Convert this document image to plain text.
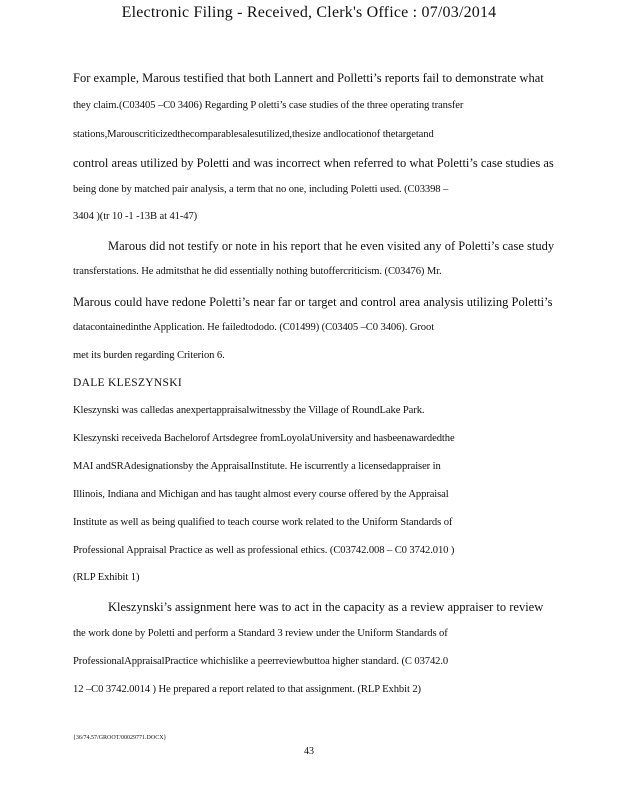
Electronic Filing - Received, Clerk's Office : 07/03/2014
For example, Marous testified that both Lannert and Polletti’s reports fail to demonstrate what
they claim.(C03405 –C0 3406) Regarding P oletti’s case studies of the three operating transfer
stations,Marouscriticizedthecomparablesalesutilized,thesize andlocationof thetargetand
control areas utilized by Poletti and was incorrect when referred to what Poletti’s case studies as
being done by matched pair analysis, a term that no one, including Poletti used. (C03398 –
3404 )(tr 10 -1 -13B at 41-47)
Marous did not testify or note in his report that he even visited any of Poletti’s case study
transferstations. He admitsthat he did essentially nothing butoffercriticism. (C03476) Mr.
Marous could have redone Poletti’s near far or target and control area analysis utilizing Poletti’s
datacontainedinthe Application. He failedtododo. (C01499) (C03405 –C0 3406). Groot
met its burden regarding Criterion 6.
DALE KLESZYNSKI
Kleszynski was calledas anexpertappraisalwitnessby the Village of RoundLake Park.
Kleszynski receiveda Bachelorof Artsdegree fromLoyolaUniversity and hasbeenawardedthe
MAI andSRAdesignationsby the AppraisalInstitute. He iscurrently a licensedappraiser in
Illinois, Indiana and Michigan and has taught almost every course offered by the Appraisal
Institute as well as being qualified to teach course work related to the Uniform Standards of
Professional Appraisal Practice as well as professional ethics. (C03742.008 – C0 3742.010 )
(RLP Exhibit 1)
Kleszynski’s assignment here was to act in the capacity as a review appraiser to review
the work done by Poletti and perform a Standard 3 review under the Uniform Standards of
ProfessionalAppraisalPractice whichislike a peerreviewbuttoa higher standard. (C 03742.0
12 –C0 3742.0014 ) He prepared a report related to that assignment. (RLP Exhbit 2)
{36/74.57/GROOT/00029771.DOCX}
43
